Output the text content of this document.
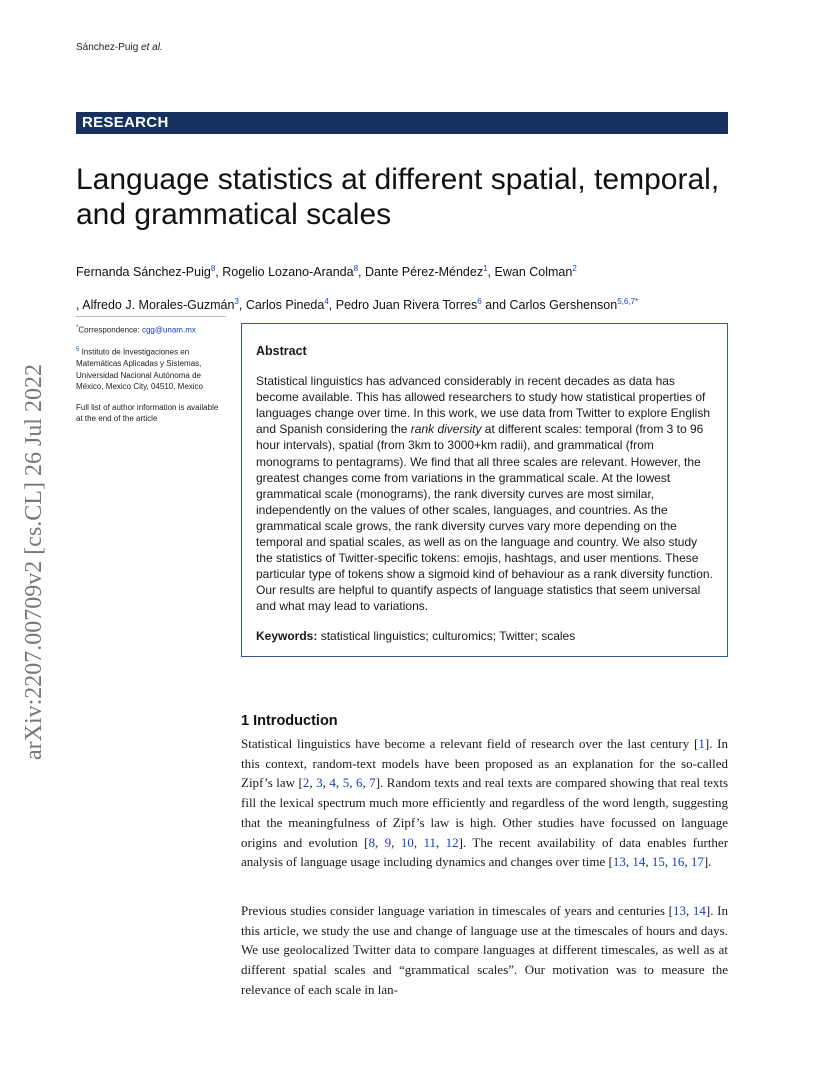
Sánchez-Puig et al.
RESEARCH
Language statistics at different spatial, temporal, and grammatical scales
Fernanda Sánchez-Puig$^8$, Rogelio Lozano-Aranda$^8$, Dante Pérez-Méndez$^1$, Ewan Colman$^2$
, Alfredo J. Morales-Guzmán$^3$, Carlos Pineda$^4$, Pedro Juan Rivera Torres$^6$ and Carlos Gershenson$^{5,6,7*}$
arXiv:2207.00709v2 [cs.CL] 26 Jul 2022

*Correspondence: cgg@unam.mx

$^5$ Instituto de Investigaciones en Matemáticas Aplicadas y Sistemas, Universidad Nacional Autónoma de México, Mexico City, 04510, Mexico

Full list of author information is available at the end of the article

Abstract

Statistical linguistics has advanced considerably in recent decades as data has become available. This has allowed researchers to study how statistical properties of languages change over time. In this work, we use data from Twitter to explore English and Spanish considering the rank diversity at different scales: temporal (from 3 to 96 hour intervals), spatial (from 3km to 3000+km radii), and grammatical (from monograms to pentagrams). We find that all three scales are relevant. However, the greatest changes come from variations in the grammatical scale. At the lowest grammatical scale (monograms), the rank diversity curves are most similar, independently on the values of other scales, languages, and countries. As the grammatical scale grows, the rank diversity curves vary more depending on the temporal and spatial scales, as well as on the language and country. We also study the statistics of Twitter-specific tokens: emojis, hashtags, and user mentions. These particular type of tokens show a sigmoid kind of behaviour as a rank diversity function. Our results are helpful to quantify aspects of language statistics that seem universal and what may lead to variations.

Keywords: statistical linguistics; culturomics; Twitter; scales

1 Introduction

Statistical linguistics have become a relevant field of research over the last century [1]. In this context, random-text models have been proposed as an explanation for the so-called Zipf’s law [2, 3, 4, 5, 6, 7]. Random texts and real texts are compared showing that real texts fill the lexical spectrum much more efficiently and regardless of the word length, suggesting that the meaningfulness of Zipf’s law is high. Other studies have focussed on language origins and evolution [8, 9, 10, 11, 12]. The recent availability of data enables further analysis of language usage including dynamics and changes over time [13, 14, 15, 16, 17].

Previous studies consider language variation in timescales of years and centuries [13, 14]. In this article, we study the use and change of language use at the timescales of hours and days. We use geolocalized Twitter data to compare languages at different timescales, as well as at different spatial scales and “grammatical scales”. Our motivation was to measure the relevance of each scale in lan-
